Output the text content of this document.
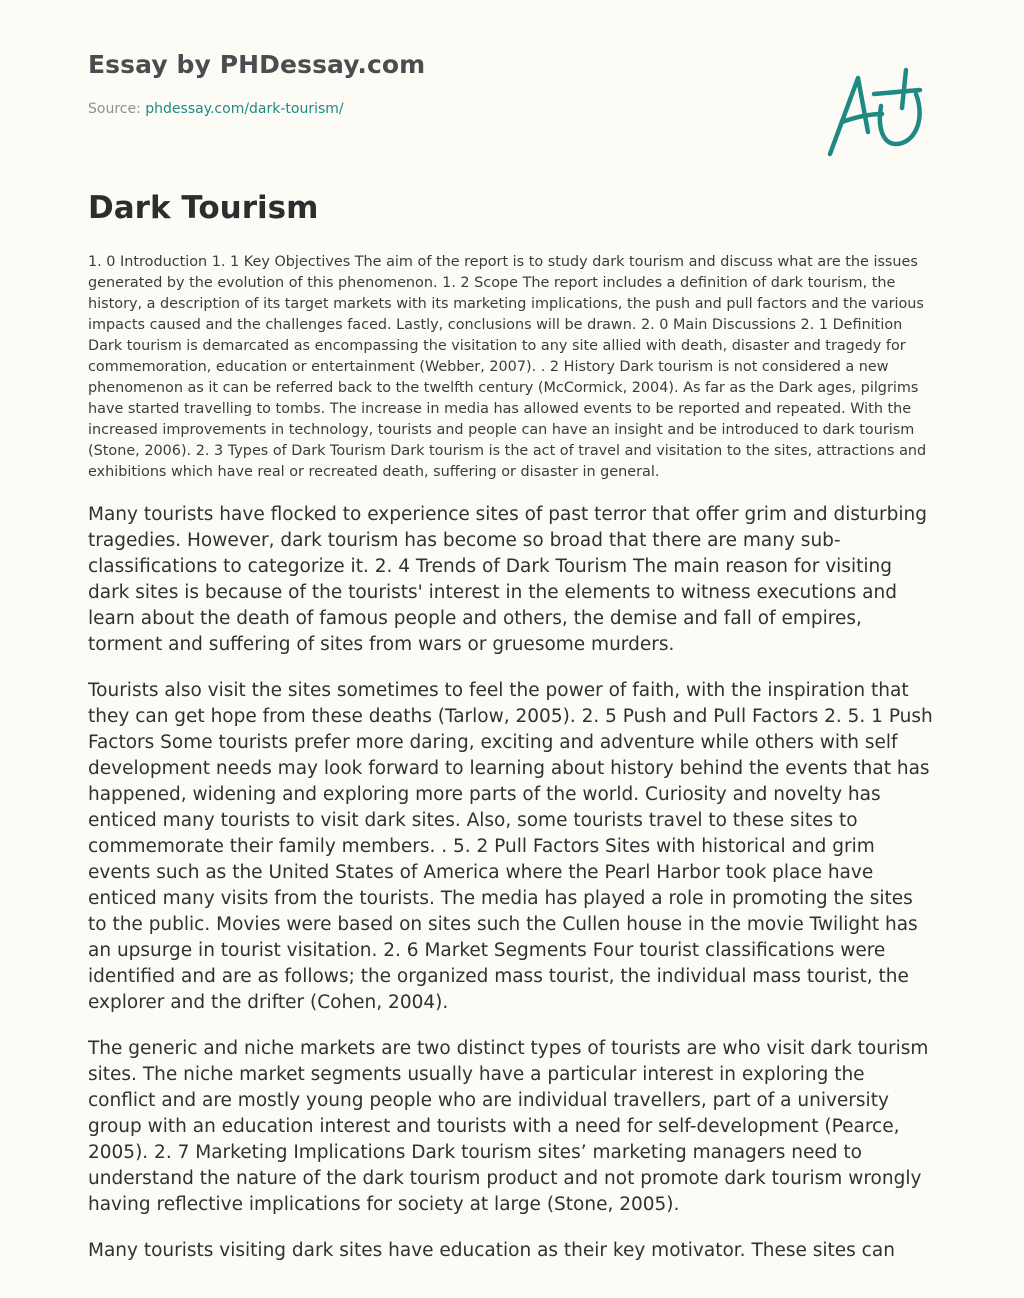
Essay by PHDessay.com
Source: phdessay.com/dark-tourism/
Dark Tourism

1. 0 Introduction 1. 1 Key Objectives The aim of the report is to study dark tourism and discuss what are the issues generated by the evolution of this phenomenon. 1. 2 Scope The report includes a definition of dark tourism, the history, a description of its target markets with its marketing implications, the push and pull factors and the various impacts caused and the challenges faced. Lastly, conclusions will be drawn. 2. 0 Main Discussions 2. 1 Definition Dark tourism is demarcated as encompassing the visitation to any site allied with death, disaster and tragedy for commemoration, education or entertainment (Webber, 2007). . 2 History Dark tourism is not considered a new phenomenon as it can be referred back to the twelfth century (McCormick, 2004). As far as the Dark ages, pilgrims have started travelling to tombs. The increase in media has allowed events to be reported and repeated. With the increased improvements in technology, tourists and people can have an insight and be introduced to dark tourism (Stone, 2006). 2. 3 Types of Dark Tourism Dark tourism is the act of travel and visitation to the sites, attractions and exhibitions which have real or recreated death, suffering or disaster in general.

Many tourists have flocked to experience sites of past terror that offer grim and disturbing tragedies. However, dark tourism has become so broad that there are many sub-classifications to categorize it. 2. 4 Trends of Dark Tourism The main reason for visiting dark sites is because of the tourists' interest in the elements to witness executions and learn about the death of famous people and others, the demise and fall of empires, torment and suffering of sites from wars or gruesome murders.

Tourists also visit the sites sometimes to feel the power of faith, with the inspiration that they can get hope from these deaths (Tarlow, 2005). 2. 5 Push and Pull Factors 2. 5. 1 Push Factors Some tourists prefer more daring, exciting and adventure while others with self development needs may look forward to learning about history behind the events that has happened, widening and exploring more parts of the world. Curiosity and novelty has enticed many tourists to visit dark sites. Also, some tourists travel to these sites to commemorate their family members. . 5. 2 Pull Factors Sites with historical and grim events such as the United States of America where the Pearl Harbor took place have enticed many visits from the tourists. The media has played a role in promoting the sites to the public. Movies were based on sites such the Cullen house in the movie Twilight has an upsurge in tourist visitation. 2. 6 Market Segments Four tourist classifications were identified and are as follows; the organized mass tourist, the individual mass tourist, the explorer and the drifter (Cohen, 2004).

The generic and niche markets are two distinct types of tourists are who visit dark tourism sites. The niche market segments usually have a particular interest in exploring the conflict and are mostly young people who are individual travellers, part of a university group with an education interest and tourists with a need for self-development (Pearce, 2005). 2. 7 Marketing Implications Dark tourism sites’ marketing managers need to understand the nature of the dark tourism product and not promote dark tourism wrongly having reflective implications for society at large (Stone, 2005).

Many tourists visiting dark sites have education as their key motivator. These sites can
